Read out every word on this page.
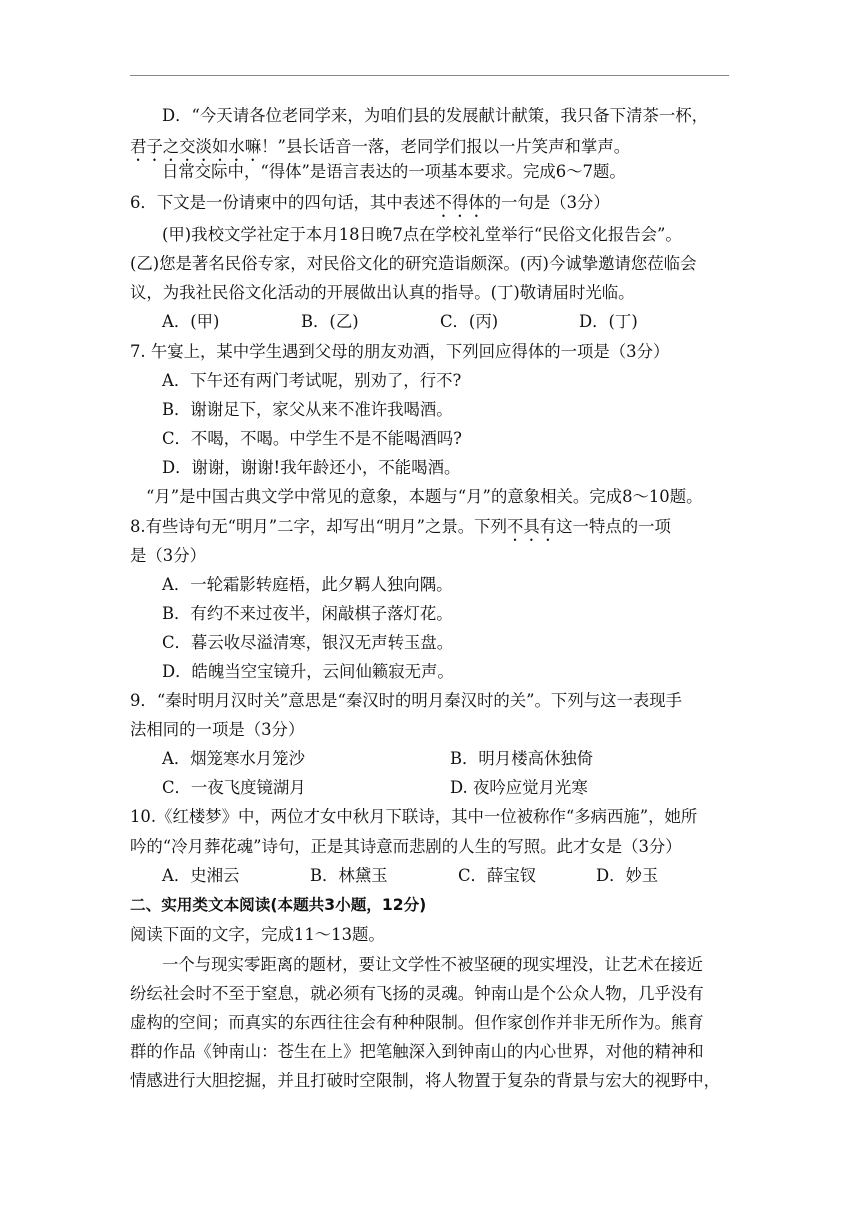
D．“今天请各位老同学来，为咱们县的发展献计献策，我只备下清茶一杯，
君子之交淡如水嘛！”县长话音一落，老同学们报以一片笑声和掌声。
日常交际中，“得体”是语言表达的一项基本要求。完成6～7题。
6．下文是一份请柬中的四句话，其中表述不得体的一句是（3分）
(甲)我校文学社定于本月18日晚7点在学校礼堂举行“民俗文化报告会”。
(乙)您是著名民俗专家，对民俗文化的研究造诣颇深。(丙)今诚挚邀请您莅临会
议，为我社民俗文化活动的开展做出认真的指导。(丁)敬请届时光临。
A．(甲)	B．(乙)	C．(丙)	D．(丁)
7. 午宴上，某中学生遇到父母的朋友劝酒，下列回应得体的一项是（3分）
A．下午还有两门考试呢，别劝了，行不?
B．谢谢足下，家父从来不准许我喝酒。
C．不喝，不喝。中学生不是不能喝酒吗?
D．谢谢，谢谢!我年龄还小，不能喝酒。
“月”是中国古典文学中常见的意象，本题与“月”的意象相关。完成8～10题。
8.有些诗句无“明月”二字，却写出“明月”之景。下列不具有这一特点的一项
是（3分）
A．一轮霜影转庭梧，此夕羁人独向隅。
B．有约不来过夜半，闲敲棋子落灯花。
C．暮云收尽溢清寒，银汉无声转玉盘。
D．皓魄当空宝镜升，云间仙籁寂无声。
9．“秦时明月汉时关”意思是“秦汉时的明月秦汉时的关”。下列与这一表现手
法相同的一项是（3分）
A．烟笼寒水月笼沙	B．明月楼高休独倚
C．一夜飞度镜湖月	D. 夜吟应觉月光寒
10.《红楼梦》中，两位才女中秋月下联诗，其中一位被称作“多病西施”，她所
吟的“冷月葬花魂”诗句，正是其诗意而悲剧的人生的写照。此才女是（3分）
A．史湘云	B．林黛玉	C．薛宝钗	D．妙玉
二、实用类文本阅读(本题共3小题，12分)
阅读下面的文字，完成11～13题。
一个与现实零距离的题材，要让文学性不被坚硬的现实埋没，让艺术在接近
纷纭社会时不至于窒息，就必须有飞扬的灵魂。钟南山是个公众人物，几乎没有
虚构的空间；而真实的东西往往会有种种限制。但作家创作并非无所作为。熊育
群的作品《钟南山：苍生在上》把笔触深入到钟南山的内心世界，对他的精神和
情感进行大胆挖掘，并且打破时空限制，将人物置于复杂的背景与宏大的视野中，
